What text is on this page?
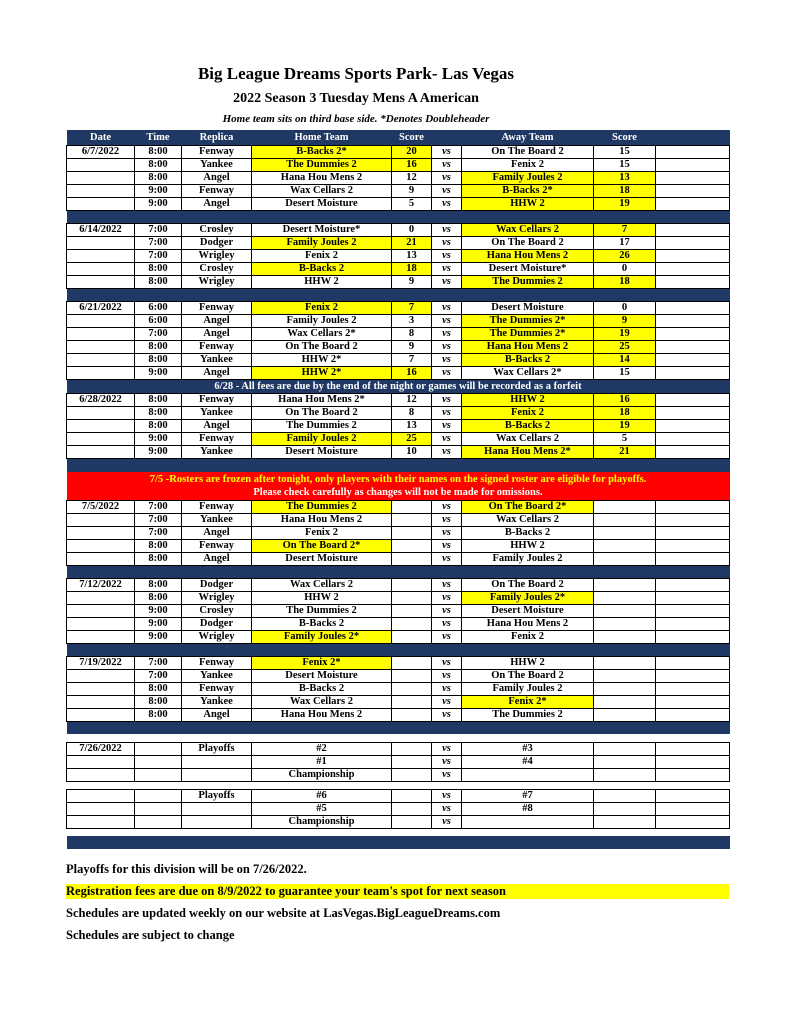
Big League Dreams Sports Park- Las Vegas
2022 Season 3 Tuesday Mens A American
Home team sits on third base side. *Denotes Doubleheader
Date	Time	Replica	Home Team	Score		Away Team	Score	
6/7/2022	8:00	Fenway	B-Backs 2*	20	vs	On The Board 2	15	
	8:00	Yankee	The Dummies 2	16	vs	Fenix 2	15	
	8:00	Angel	Hana Hou Mens 2	12	vs	Family Joules 2	13	
	9:00	Fenway	Wax Cellars 2	9	vs	B-Backs 2*	18	
	9:00	Angel	Desert Moisture	5	vs	HHW 2	19	

6/14/2022	7:00	Crosley	Desert Moisture*	0	vs	Wax Cellars 2	7	
	7:00	Dodger	Family Joules 2	21	vs	On The Board 2	17	
	7:00	Wrigley	Fenix 2	13	vs	Hana Hou Mens 2	26	
	8:00	Crosley	B-Backs 2	18	vs	Desert Moisture*	0	
	8:00	Wrigley	HHW 2	9	vs	The Dummies 2	18	

6/21/2022	6:00	Fenway	Fenix 2	7	vs	Desert Moisture	0	
	6:00	Angel	Family Joules 2	3	vs	The Dummies 2*	9	
	7:00	Angel	Wax Cellars 2*	8	vs	The Dummies 2*	19	
	8:00	Fenway	On The Board 2	9	vs	Hana Hou Mens 2	25	
	8:00	Yankee	HHW 2*	7	vs	B-Backs 2	14	
	9:00	Angel	HHW 2*	16	vs	Wax Cellars 2*	15	
6/28 - All fees are due by the end of the night or games will be recorded as a forfeit								
6/28/2022	8:00	Fenway	Hana Hou Mens 2*	12	vs	HHW 2	16	
	8:00	Yankee	On The Board 2	8	vs	Fenix 2	18	
	8:00	Angel	The Dummies 2	13	vs	B-Backs 2	19	
	9:00	Fenway	Family Joules 2	25	vs	Wax Cellars 2	5	
	9:00	Yankee	Desert Moisture	10	vs	Hana Hou Mens 2*	21	

7/5 -Rosters are frozen after tonight, only players with their names on the signed roster are eligible for playoffs.
Please check carefully as changes will not be made for omissions.								

7/5/2022	7:00	Fenway	The Dummies 2		vs	On The Board 2*		
	7:00	Yankee	Hana Hou Mens 2		vs	Wax Cellars 2		
	7:00	Angel	Fenix 2		vs	B-Backs 2		
	8:00	Fenway	On The Board 2*		vs	HHW 2		
	8:00	Angel	Desert Moisture		vs	Family Joules 2		

7/12/2022	8:00	Dodger	Wax Cellars 2		vs	On The Board 2		
	8:00	Wrigley	HHW 2		vs	Family Joules 2*		
	9:00	Crosley	The Dummies 2		vs	Desert Moisture		
	9:00	Dodger	B-Backs 2		vs	Hana Hou Mens 2		
	9:00	Wrigley	Family Joules 2*		vs	Fenix 2		

7/19/2022	7:00	Fenway	Fenix 2*		vs	HHW 2		
	7:00	Yankee	Desert Moisture		vs	On The Board 2		
	8:00	Fenway	B-Backs 2		vs	Family Joules 2		
	8:00	Yankee	Wax Cellars 2		vs	Fenix 2*		
	8:00	Angel	Hana Hou Mens 2		vs	The Dummies 2		

7/26/2022		Playoffs	#2		vs	#3		
			#1		vs	#4		
			Championship		vs			

		Playoffs	#6		vs	#7		
			#5		vs	#8		
			Championship		vs			

Playoffs for this division will be on 7/26/2022.
Registration fees are due on 8/9/2022 to guarantee your team's spot for next season
Schedules are updated weekly on our website at LasVegas.BigLeagueDreams.com
Schedules are subject to change
